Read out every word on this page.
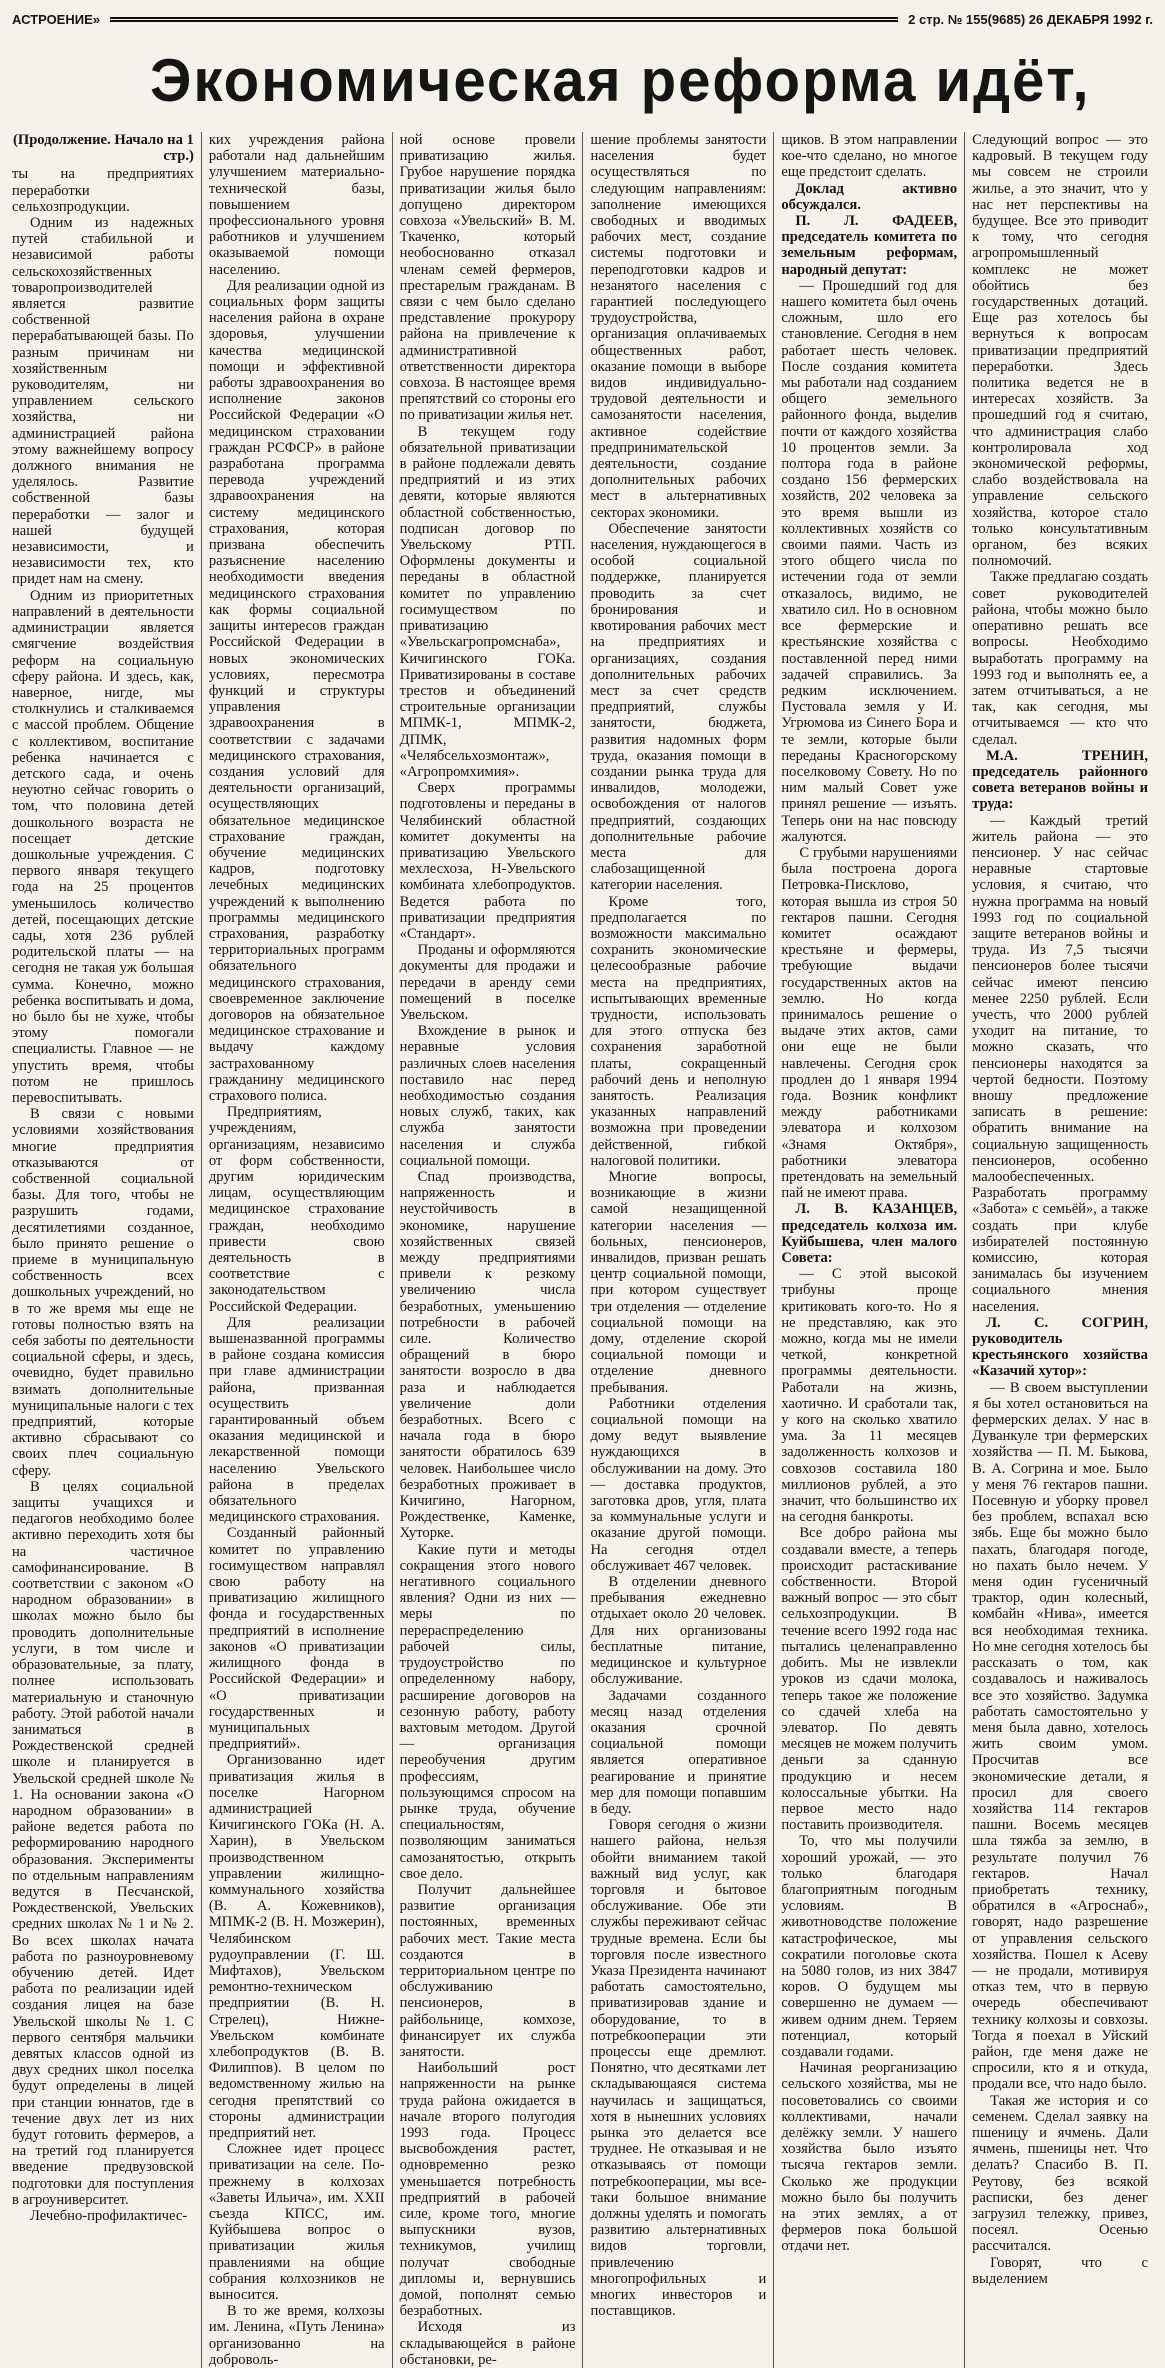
АСТРОЕНИЕ»	2 стр. № 155(9685) 26 ДЕКАБРЯ 1992 г.
Экономическая реформа идёт,

(Продолжение. Начало на 1 стр.)

ты на предприятиях переработки сельхозпродукции.

Одним из надежных путей стабильной и независимой работы сельскохозяйственных товаропроизводителей является развитие собственной перерабатывающей базы. По разным причинам ни хозяйственным руководителям, ни управлением сельского хозяйства, ни администрацией района этому важнейшему вопросу должного внимания не уделялось. Развитие собственной базы переработки — залог и нашей будущей независимости, и независимости тех, кто придет нам на смену.

Одним из приоритетных направлений в деятельности администрации является смягчение воздействия реформ на социальную сферу района. И здесь, как, наверное, нигде, мы столкнулись и сталкиваемся с массой проблем. Общение с коллективом, воспитание ребенка начинается с детского сада, и очень неуютно сейчас говорить о том, что половина детей дошкольного возраста не посещает детские дошкольные учреждения. С первого января текущего года на 25 процентов уменьшилось количество детей, посещающих детские сады, хотя 236 рублей родительской платы — на сегодня не такая уж большая сумма. Конечно, можно ребенка воспитывать и дома, но было бы не хуже, чтобы этому помогали специалисты. Главное — не упустить время, чтобы потом не пришлось перевоспитывать.

В связи с новыми условиями хозяйствования многие предприятия отказываются от собственной социальной базы. Для того, чтобы не разрушить годами, десятилетиями созданное, было принято решение о приеме в муниципальную собственность всех дошкольных учреждений, но в то же время мы еще не готовы полностью взять на себя заботы по деятельности социальной сферы, и здесь, очевидно, будет правильно взимать дополнительные муниципальные налоги с тех предприятий, которые активно сбрасывают со своих плеч социальную сферу.

В целях социальной защиты учащихся и педагогов необходимо более активно переходить хотя бы на частичное самофинансирование. В соответствии с законом «О народном образовании» в школах можно было бы проводить дополнительные услуги, в том числе и образовательные, за плату, полнее использовать материальную и станочную работу. Этой работой начали заниматься в Рождественской средней школе и планируется в Увельской средней школе № 1. На основании закона «О народном образовании» в районе ведется работа по реформированию народного образования. Эксперименты по отдельным направлениям ведутся в Песчанской, Рождественской, Увельских средних школах № 1 и № 2. Во всех школах начата работа по разноуровневому обучению детей. Идет работа по реализации идей создания лицея на базе Увельской школы № 1. С первого сентября мальчики девятых классов одной из двух средних школ поселка будут определены в лицей при станции юннатов, где в течение двух лет из них будут готовить фермеров, а на третий год планируется введение предвузовской подготовки для поступления в агроуниверситет.

Лечебно-профилактичес-

ких учреждения района работали над дальнейшим улучшением материально-технической базы, повышением профессионального уровня работников и улучшением оказываемой помощи населению.

Для реализации одной из социальных форм защиты населения района в охране здоровья, улучшении качества медицинской помощи и эффективной работы здравоохранения во исполнение законов Российской Федерации «О медицинском страховании граждан РСФСР» в районе разработана программа перевода учреждений здравоохранения на систему медицинского страхования, которая призвана обеспечить разъяснение населению необходимости введения медицинского страхования как формы социальной защиты интересов граждан Российской Федерации в новых экономических условиях, пересмотра функций и структуры управления здравоохранения в соответствии с задачами медицинского страхования, создания условий для деятельности организаций, осуществляющих обязательное медицинское страхование граждан, обучение медицинских кадров, подготовку лечебных медицинских учреждений к выполнению программы медицинского страхования, разработку территориальных программ обязательного медицинского страхования, своевременное заключение договоров на обязательное медицинское страхование и выдачу каждому застрахованному гражданину медицинского страхового полиса.

Предприятиям, учреждениям, организациям, независимо от форм собственности, другим юридическим лицам, осуществляющим медицинское страхование граждан, необходимо привести свою деятельность в соответствие с законодательством Российской Федерации.

Для реализации вышеназванной программы в районе создана комиссия при главе администрации района, призванная осуществить гарантированный объем оказания медицинской и лекарственной помощи населению Увельского района в пределах обязательного медицинского страхования.

Созданный районный комитет по управлению госимуществом направлял свою работу на приватизацию жилищного фонда и государственных предприятий в исполнение законов «О приватизации жилищного фонда в Российской Федерации» и «О приватизации государственных и муниципальных предприятий».

Организованно идет приватизация жилья в поселке Нагорном администрацией Кичигинского ГОКа (Н. А. Харин), в Увельском производственном управлении жилищно-коммунального хозяйства (В. А. Кожевников), МПМК-2 (В. Н. Мозжерин), Челябинском рудоуправлении (Г. Ш. Мифтахов), Увельском ремонтно-техническом предприятии (В. Н. Стрелец), Нижне-Увельском комбинате хлебопродуктов (В. В. Филиппов). В целом по ведомственному жилью на сегодня препятствий со стороны администрации предприятий нет.

Сложнее идет процесс приватизации на селе. По-прежнему в колхозах «Заветы Ильича», им. XXII съезда КПСС, им. Куйбышева вопрос о приватизации жилья правлениями на общие собрания колхозников не выносится.

В то же время, колхозы им. Ленина, «Путь Ленина» организованно на доброволь-

ной основе провели приватизацию жилья. Грубое нарушение порядка приватизации жилья было допущено директором совхоза «Увельский» В. М. Ткаченко, который необоснованно отказал членам семей фермеров, престарелым гражданам. В связи с чем было сделано представление прокурору района на привлечение к административной ответственности директора совхоза. В настоящее время препятствий со стороны его по приватизации жилья нет.

В текущем году обязательной приватизации в районе подлежали девять предприятий и из этих девяти, которые являются областной собственностью, подписан договор по Увельскому РТП. Оформлены документы и переданы в областной комитет по управлению госимуществом по приватизацию «Увельскагропромснаба», Кичигинского ГОКа. Приватизированы в составе трестов и объединений строительные организации МПМК-1, МПМК-2, ДПМК, «Челябсельхозмонтаж», «Агропромхимия».

Сверх программы подготовлены и переданы в Челябинский областной комитет документы на приватизацию Увельского мехлесхоза, Н-Увельского комбината хлебопродуктов. Ведется работа по приватизации предприятия «Стандарт».

Проданы и оформляются документы для продажи и передачи в аренду семи помещений в поселке Увельском.

Вхождение в рынок и неравные условия различных слоев населения поставило нас перед необходимостью создания новых служб, таких, как служба занятости населения и служба социальной помощи.

Спад производства, напряженность и неустойчивость в экономике, нарушение хозяйственных связей между предприятиями привели к резкому увеличению числа безработных, уменьшению потребности в рабочей силе. Количество обращений в бюро занятости возросло в два раза и наблюдается увеличение доли безработных. Всего с начала года в бюро занятости обратилось 639 человек. Наибольшее число безработных проживает в Кичигино, Нагорном, Рождественке, Каменке, Хуторке.

Какие пути и методы сокращения этого нового негативного социального явления? Одни из них — меры по перераспределению рабочей силы, трудоустройство по определенному набору, расширение договоров на сезонную работу, работу вахтовым методом. Другой — организация переобучения другим профессиям, пользующимся спросом на рынке труда, обучение специальностям, позволяющим заниматься самозанятостью, открыть свое дело.

Получит дальнейшее развитие организация постоянных, временных рабочих мест. Такие места создаются в территориальном центре по обслуживанию пенсионеров, в райбольнице, комхозе, финансирует их служба занятости.

Наибольший рост напряженности на рынке труда района ожидается в начале второго полугодия 1993 года. Процесс высвобождения растет, одновременно резко уменьшается потребность предприятий в рабочей силе, кроме того, многие выпускники вузов, техникумов, училищ получат свободные дипломы и, вернувшись домой, пополнят семью безработных.

Исходя из складывающейся в районе обстановки, ре-

шение проблемы занятости населения будет осуществляться по следующим направлениям: заполнение имеющихся свободных и вводимых рабочих мест, создание системы подготовки и переподготовки кадров и незанятого населения с гарантией последующего трудоустройства, организация оплачиваемых общественных работ, оказание помощи в выборе видов индивидуально-трудовой деятельности и самозанятости населения, активное содействие предпринимательской деятельности, создание дополнительных рабочих мест в альтернативных секторах экономики.

Обеспечение занятости населения, нуждающегося в особой социальной поддержке, планируется проводить за счет бронирования и квотирования рабочих мест на предприятиях и организациях, создания дополнительных рабочих мест за счет средств предприятий, службы занятости, бюджета, развития надомных форм труда, оказания помощи в создании рынка труда для инвалидов, молодежи, освобождения от налогов предприятий, создающих дополнительные рабочие места для слабозащищенной категории населения.

Кроме того, предполагается по возможности максимально сохранить экономические целесообразные рабочие места на предприятиях, испытывающих временные трудности, использовать для этого отпуска без сохранения заработной платы, сокращенный рабочий день и неполную занятость. Реализация указанных направлений возможна при проведении действенной, гибкой налоговой политики.

Многие вопросы, возникающие в жизни самой незащищенной категории населения — больных, пенсионеров, инвалидов, призван решать центр социальной помощи, при котором существует три отделения — отделение социальной помощи на дому, отделение скорой социальной помощи и отделение дневного пребывания.

Работники отделения социальной помощи на дому ведут выявление нуждающихся в обслуживании на дому. Это — доставка продуктов, заготовка дров, угля, плата за коммунальные услуги и оказание другой помощи. На сегодня отдел обслуживает 467 человек.

В отделении дневного пребывания ежедневно отдыхает около 20 человек. Для них организованы бесплатные питание, медицинское и культурное обслуживание.

Задачами созданного месяц назад отделения оказания срочной социальной помощи является оперативное реагирование и принятие мер для помощи попавшим в беду.

Говоря сегодня о жизни нашего района, нельзя обойти вниманием такой важный вид услуг, как торговля и бытовое обслуживание. Обе эти службы переживают сейчас трудные времена. Если бы торговля после известного Указа Президента начинают работать самостоятельно, приватизировав здание и оборудование, то в потребкооперации эти процессы еще дремлют. Понятно, что десятками лет складывающаяся система научилась и защищаться, хотя в нынешних условиях рынка это делается все труднее. Не отказывая и не отказываясь от помощи потребкооперации, мы все-таки большое внимание должны уделять и помогать развитию альтернативных видов торговли, привлечению многопрофильных и многих инвесторов и поставщиков.

щиков. В этом направлении кое-что сделано, но многое еще предстоит сделать.

Доклад активно обсуждался.

П. Л. ФАДЕЕВ, председатель комитета по земельным реформам, народный депутат:

— Прошедший год для нашего комитета был очень сложным, шло его становление. Сегодня в нем работает шесть человек. После создания комитета мы работали над созданием общего земельного районного фонда, выделив почти от каждого хозяйства 10 процентов земли. За полтора года в районе создано 156 фермерских хозяйств, 202 человека за это время вышли из коллективных хозяйств со своими паями. Часть из этого общего числа по истечении года от земли отказалось, видимо, не хватило сил. Но в основном все фермерские и крестьянские хозяйства с поставленной перед ними задачей справились. За редким исключением. Пустовала земля у И. Угрюмова из Синего Бора и те земли, которые были переданы Красногорскому поселковому Совету. Но по ним малый Совет уже принял решение — изъять. Теперь они на нас повсюду жалуются.

С грубыми нарушениями была построена дорога Петровка-Писклово, которая вышла из строя 50 гектаров пашни. Сегодня комитет осаждают крестьяне и фермеры, требующие выдачи государственных актов на землю. Но когда принималось решение о выдаче этих актов, сами они еще не были навлечены. Сегодня срок продлен до 1 января 1994 года. Возник конфликт между работниками элеватора и колхозом «Знамя Октября», работники элеватора претендовать на земельный пай не имеют права.

Л. В. КАЗАНЦЕВ, председатель колхоза им. Куйбышева, член малого Совета:

— С этой высокой трибуны проще критиковать кого-то. Но я не представляю, как это можно, когда мы не имели четкой, конкретной программы деятельности. Работали на жизнь, хаотично. И сработали так, у кого на сколько хватило ума. За 11 месяцев задолженность колхозов и совхозов составила 180 миллионов рублей, а это значит, что большинство их на сегодня банкроты.

Все добро района мы создавали вместе, а теперь происходит растаскивание собственности. Второй важный вопрос — это сбыт сельхозпродукции. В течение всего 1992 года нас пытались целенаправленно добить. Мы не извлекли уроков из сдачи молока, теперь такое же положение со сдачей хлеба на элеватор. По девять месяцев не можем получить деньги за сданную продукцию и несем колоссальные убытки. На первое место надо поставить производителя.

То, что мы получили хороший урожай, — это только благодаря благоприятным погодным условиям. В животноводстве положение катастрофическое, мы сократили поголовье скота на 5080 голов, из них 3847 коров. О будущем мы совершенно не думаем — живем одним днем. Теряем потенциал, который создавали годами.

Начиная реорганизацию сельского хозяйства, мы не посоветовались со своими коллективами, начали делёжку земли. У нашего хозяйства было изъято тысяча гектаров земли. Сколько же продукции можно было бы получить на этих землях, а от фермеров пока большой отдачи нет.

Следующий вопрос — это кадровый. В текущем году мы совсем не строили жилье, а это значит, что у нас нет перспективы на будущее. Все это приводит к тому, что сегодня агропромышленный комплекс не может обойтись без государственных дотаций. Еще раз хотелось бы вернуться к вопросам приватизации предприятий переработки. Здесь политика ведется не в интересах хозяйств. За прошедший год я считаю, что администрация слабо контролировала ход экономической реформы, слабо воздействовала на управление сельского хозяйства, которое стало только консультативным органом, без всяких полномочий.

Также предлагаю создать совет руководителей района, чтобы можно было оперативно решать все вопросы. Необходимо выработать программу на 1993 год и выполнять ее, а затем отчитываться, а не так, как сегодня, мы отчитываемся — кто что сделал.

М.А. ТРЕНИН, председатель районного совета ветеранов войны и труда:

— Каждый третий житель района — это пенсионер. У нас сейчас неравные стартовые условия, я считаю, что нужна программа на новый 1993 год по социальной защите ветеранов войны и труда. Из 7,5 тысячи пенсионеров более тысячи сейчас имеют пенсию менее 2250 рублей. Если учесть, что 2000 рублей уходит на питание, то можно сказать, что пенсионеры находятся за чертой бедности. Поэтому вношу предложение записать в решение: обратить внимание на социальную защищенность пенсионеров, особенно малообеспеченных. Разработать программу «Забота» с семьёй», а также создать при клубе избирателей постоянную комиссию, которая занималась бы изучением социального мнения населения.

Л. С. СОГРИН, руководитель крестьянского хозяйства «Казачий хутор»:

— В своем выступлении я бы хотел остановиться на фермерских делах. У нас в Дуванкуле три фермерских хозяйства — П. М. Быкова, В. А. Согрина и мое. Было у меня 76 гектаров пашни. Посевную и уборку провел без проблем, вспахал всю зябь. Еще бы можно было пахать, благодаря погоде, но пахать было нечем. У меня один гусеничный трактор, один колесный, комбайн «Нива», имеется вся необходимая техника. Но мне сегодня хотелось бы рассказать о том, как создавалось и наживалось все это хозяйство. Задумка работать самостоятельно у меня была давно, хотелось жить своим умом. Просчитав все экономические детали, я просил для своего хозяйства 114 гектаров пашни. Восемь месяцев шла тяжба за землю, в результате получил 76 гектаров. Начал приобретать технику, обратился в «Агроснаб», говорят, надо разрешение от управления сельского хозяйства. Пошел к Асеву — не продали, мотивируя отказ тем, что в первую очередь обеспечивают технику колхозы и совхозы. Тогда я поехал в Уйский район, где меня даже не спросили, кто я и откуда, продали все, что надо было.

Такая же история и со семенем. Сделал заявку на пшеницу и ячмень. Дали ячмень, пшеницы нет. Что делать? Спасибо В. П. Реутову, без всякой расписки, без денег загрузил тележку, привез, посеял. Осенью рассчитался.

Говорят, что с выделением
